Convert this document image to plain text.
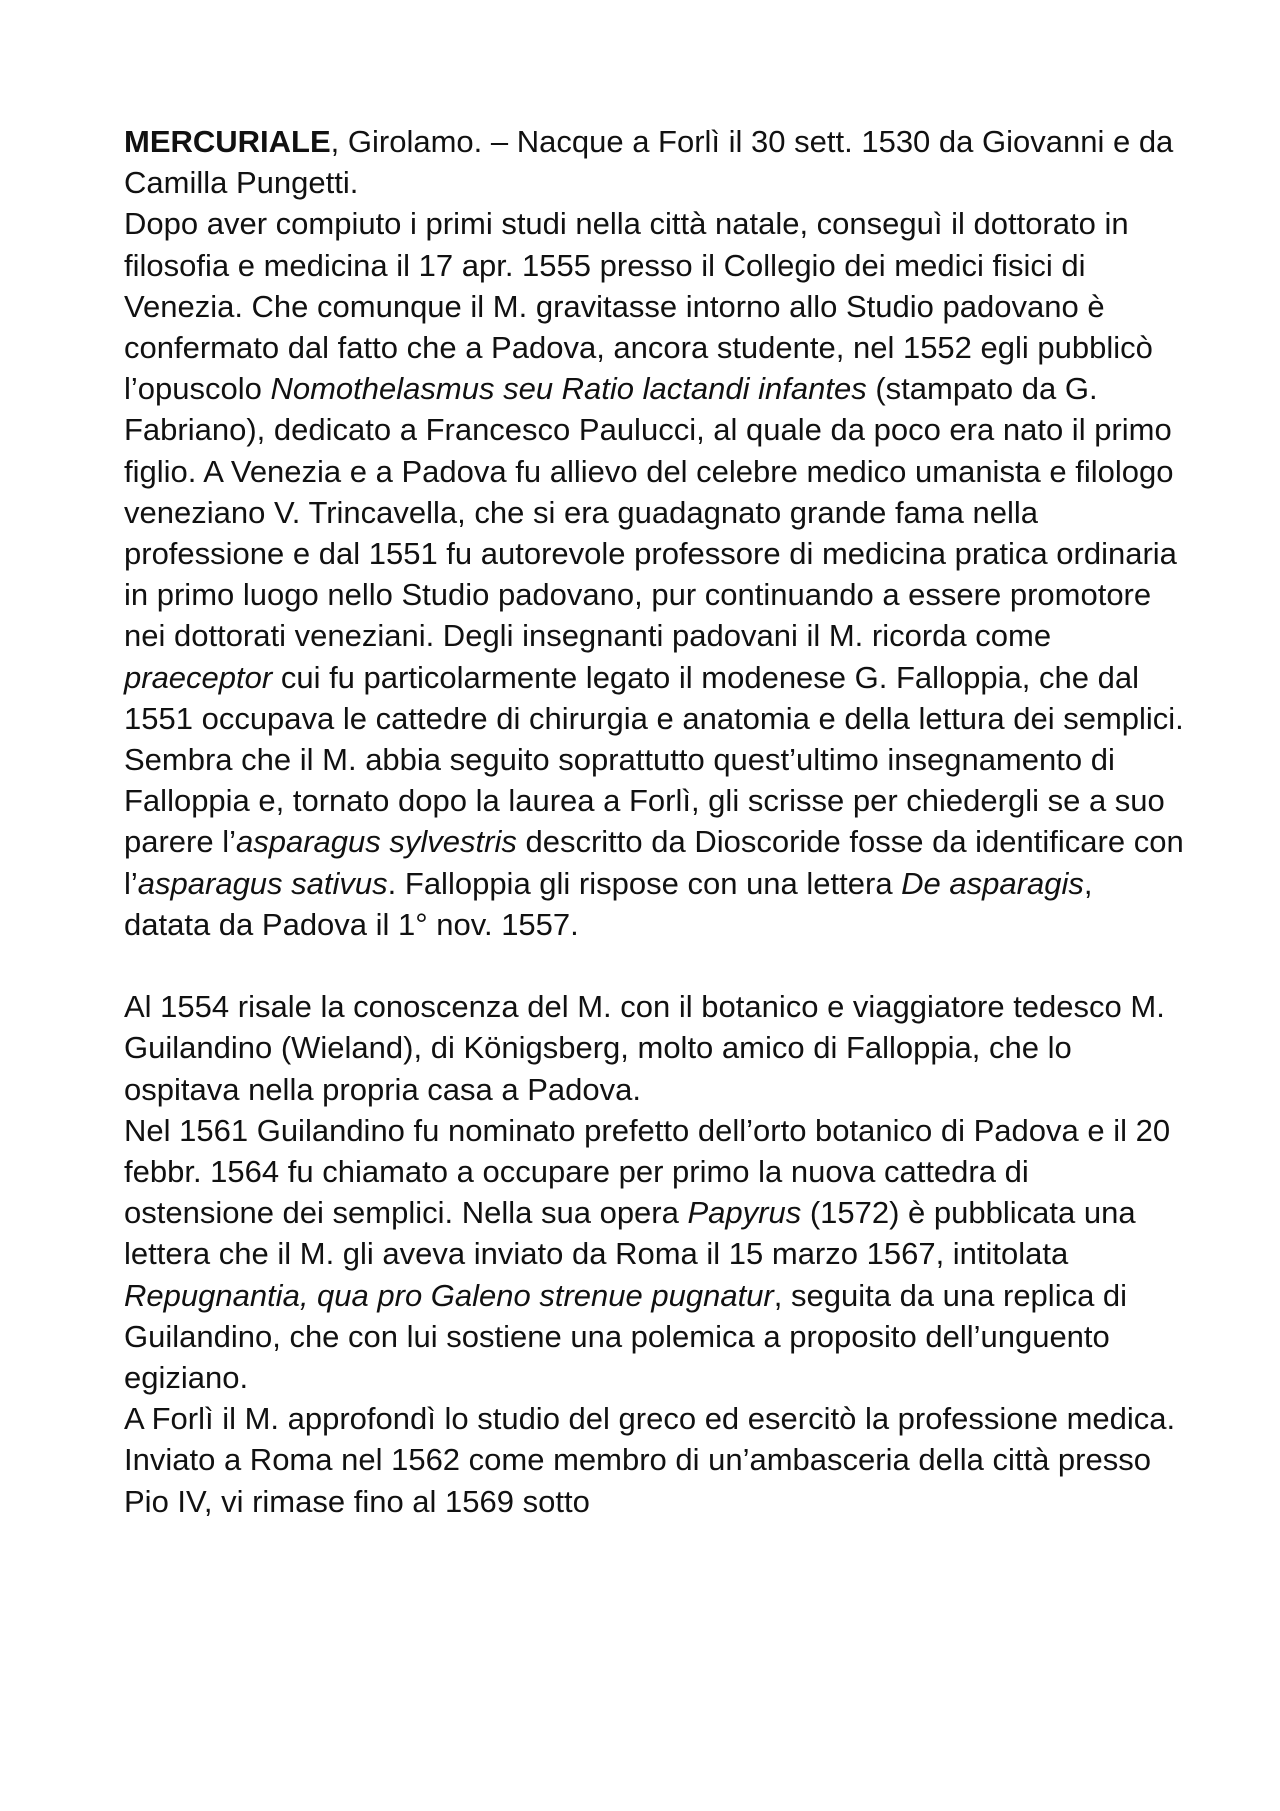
MERCURIALE, Girolamo. – Nacque a Forlì il 30 sett. 1530 da Giovanni e da Camilla Pungetti.

Dopo aver compiuto i primi studi nella città natale, conseguì il dottorato in filosofia e medicina il 17 apr. 1555 presso il Collegio dei medici fisici di Venezia. Che comunque il M. gravitasse intorno allo Studio padovano è confermato dal fatto che a Padova, ancora studente, nel 1552 egli pubblicò l’opuscolo Nomothelasmus seu Ratio lactandi infantes (stampato da G. Fabriano), dedicato a Francesco Paulucci, al quale da poco era nato il primo figlio. A Venezia e a Padova fu allievo del celebre medico umanista e filologo veneziano V. Trincavella, che si era guadagnato grande fama nella professione e dal 1551 fu autorevole professore di medicina pratica ordinaria in primo luogo nello Studio padovano, pur continuando a essere promotore nei dottorati veneziani. Degli insegnanti padovani il M. ricorda come praeceptor cui fu particolarmente legato il modenese G. Falloppia, che dal 1551 occupava le cattedre di chirurgia e anatomia e della lettura dei semplici.

Sembra che il M. abbia seguito soprattutto quest’ultimo insegnamento di Falloppia e, tornato dopo la laurea a Forlì, gli scrisse per chiedergli se a suo parere l’asparagus sylvestris descritto da Dioscoride fosse da identificare con l’asparagus sativus. Falloppia gli rispose con una lettera De asparagis, datata da Padova il 1° nov. 1557.

Al 1554 risale la conoscenza del M. con il botanico e viaggiatore tedesco M. Guilandino (Wieland), di Königsberg, molto amico di Falloppia, che lo ospitava nella propria casa a Padova.

Nel 1561 Guilandino fu nominato prefetto dell’orto botanico di Padova e il 20 febbr. 1564 fu chiamato a occupare per primo la nuova cattedra di ostensione dei semplici. Nella sua opera Papyrus (1572) è pubblicata una lettera che il M. gli aveva inviato da Roma il 15 marzo 1567, intitolata Repugnantia, qua pro Galeno strenue pugnatur, seguita da una replica di Guilandino, che con lui sostiene una polemica a proposito dell’unguento egiziano.

A Forlì il M. approfondì lo studio del greco ed esercitò la professione medica. Inviato a Roma nel 1562 come membro di un’ambasceria della città presso Pio IV, vi rimase fino al 1569 sotto
